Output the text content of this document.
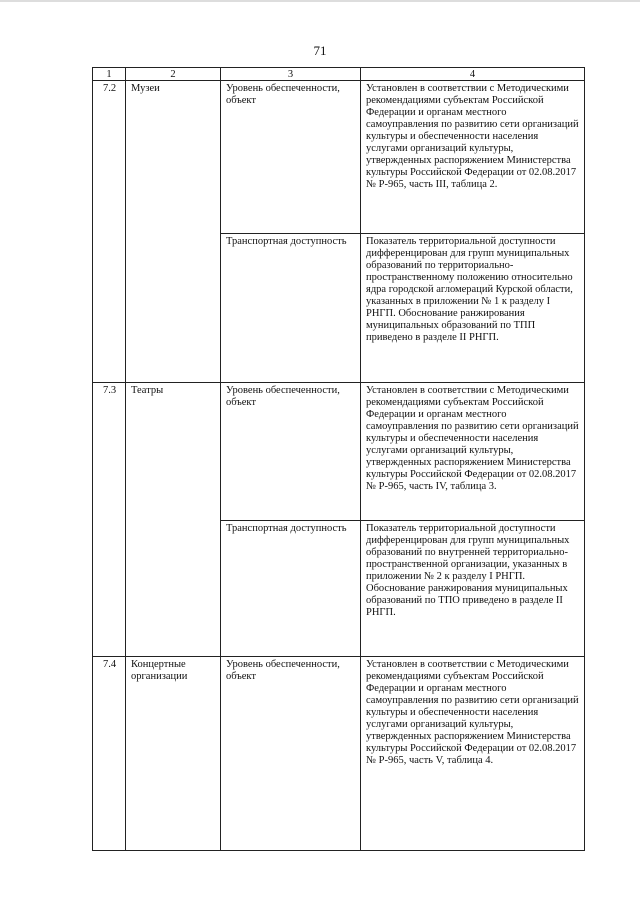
71
1	2	3	4
7.2	Музеи	Уровень обеспеченности, объект	Установлен в соответствии с Методическими рекомендациями субъектам Российской Федерации и органам местного самоуправления по развитию сети организаций культуры и обеспеченности населения услугами организаций культуры, утвержденных распоряжением Министерства культуры Российской Федерации от 02.08.2017 № Р-965, часть III, таблица 2.
		Транспортная доступность	Показатель территориальной доступности дифференцирован для групп муниципальных образований по территориально-пространственному положению относительно ядра городской агломераций Курской области, указанных в приложении № 1 к разделу I РНГП. Обоснование ранжирования муниципальных образований по ТПП приведено в разделе II РНГП.
7.3	Театры	Уровень обеспеченности, объект	Установлен в соответствии с Методическими рекомендациями субъектам Российской Федерации и органам местного самоуправления по развитию сети организаций культуры и обеспеченности населения услугами организаций культуры, утвержденных распоряжением Министерства культуры Российской Федерации от 02.08.2017 № Р-965, часть IV, таблица 3.
		Транспортная доступность	Показатель территориальной доступности дифференцирован для групп муниципальных образований по внутренней территориально-пространственной организации, указанных в приложении № 2 к разделу I РНГП. Обоснование ранжирования муниципальных образований по ТПО приведено в разделе II РНГП.
7.4	Концертные организации	Уровень обеспеченности, объект	Установлен в соответствии с Методическими рекомендациями субъектам Российской Федерации и органам местного самоуправления по развитию сети организаций культуры и обеспеченности населения услугами организаций культуры, утвержденных распоряжением Министерства культуры Российской Федерации от 02.08.2017 № Р-965, часть V, таблица 4.
